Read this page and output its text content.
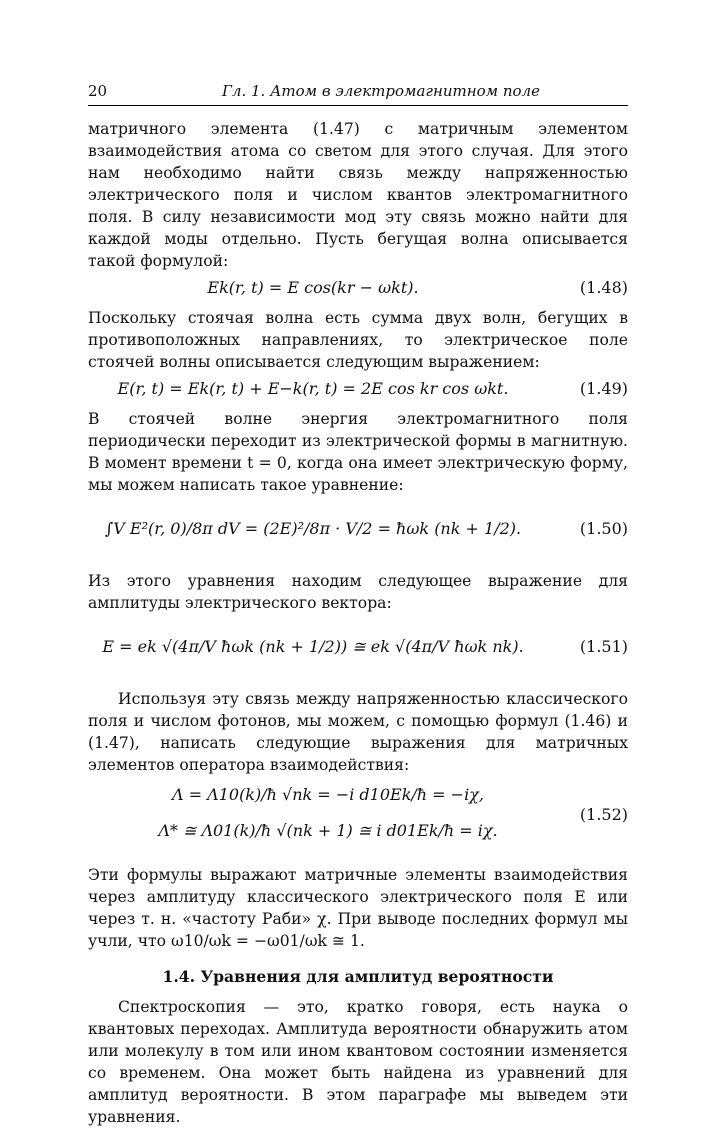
20	Гл. 1. Атом в электромагнитном поле

матричного элемента (1.47) с матричным элементом взаимодействия атома со светом для этого случая. Для этого нам необходимо найти связь между напряженностью электрического поля и числом квантов электромагнитного поля. В силу независимости мод эту связь можно найти для каждой моды отдельно. Пусть бегущая волна описывается такой формулой:

Ek(r, t) = E cos(kr − ωkt).	(1.48)

Поскольку стоячая волна есть сумма двух волн, бегущих в противоположных направлениях, то электрическое поле стоячей волны описывается следующим выражением:

E(r, t) = Ek(r, t) + E−k(r, t) = 2E cos kr cos ωkt.	(1.49)

В стоячей волне энергия электромагнитного поля периодически переходит из электрической формы в магнитную. В момент времени t = 0, когда она имеет электрическую форму, мы можем написать такое уравнение:

∫V E²(r, 0)/8π dV = (2E)²/8π · V/2 = ħωk (nk + 1/2).	(1.50)

Из этого уравнения находим следующее выражение для амплитуды электрического вектора:

E = ek √(4π/V ħωk (nk + 1/2)) ≅ ek √(4π/V ħωk nk).	(1.51)

Используя эту связь между напряженностью классического поля и числом фотонов, мы можем, с помощью формул (1.46) и (1.47), написать следующие выражения для матричных элементов оператора взаимодействия:

Λ = Λ10(k)/ħ √nk = −i d10Ek/ħ = −iχ,
Λ* ≅ Λ01(k)/ħ √(nk + 1) ≅ i d01Ek/ħ = iχ.
(1.52)

Эти формулы выражают матричные элементы взаимодействия через амплитуду классического электрического поля E или через т. н. «частоту Раби» χ. При выводе последних формул мы учли, что ω10/ωk = −ω01/ωk ≅ 1.

1.4. Уравнения для амплитуд вероятности

Спектроскопия — это, кратко говоря, есть наука о квантовых переходах. Амплитуда вероятности обнаружить атом или молекулу в том или ином квантовом состоянии изменяется со временем. Она может быть найдена из уравнений для амплитуд вероятности. В этом параграфе мы выведем эти уравнения.
